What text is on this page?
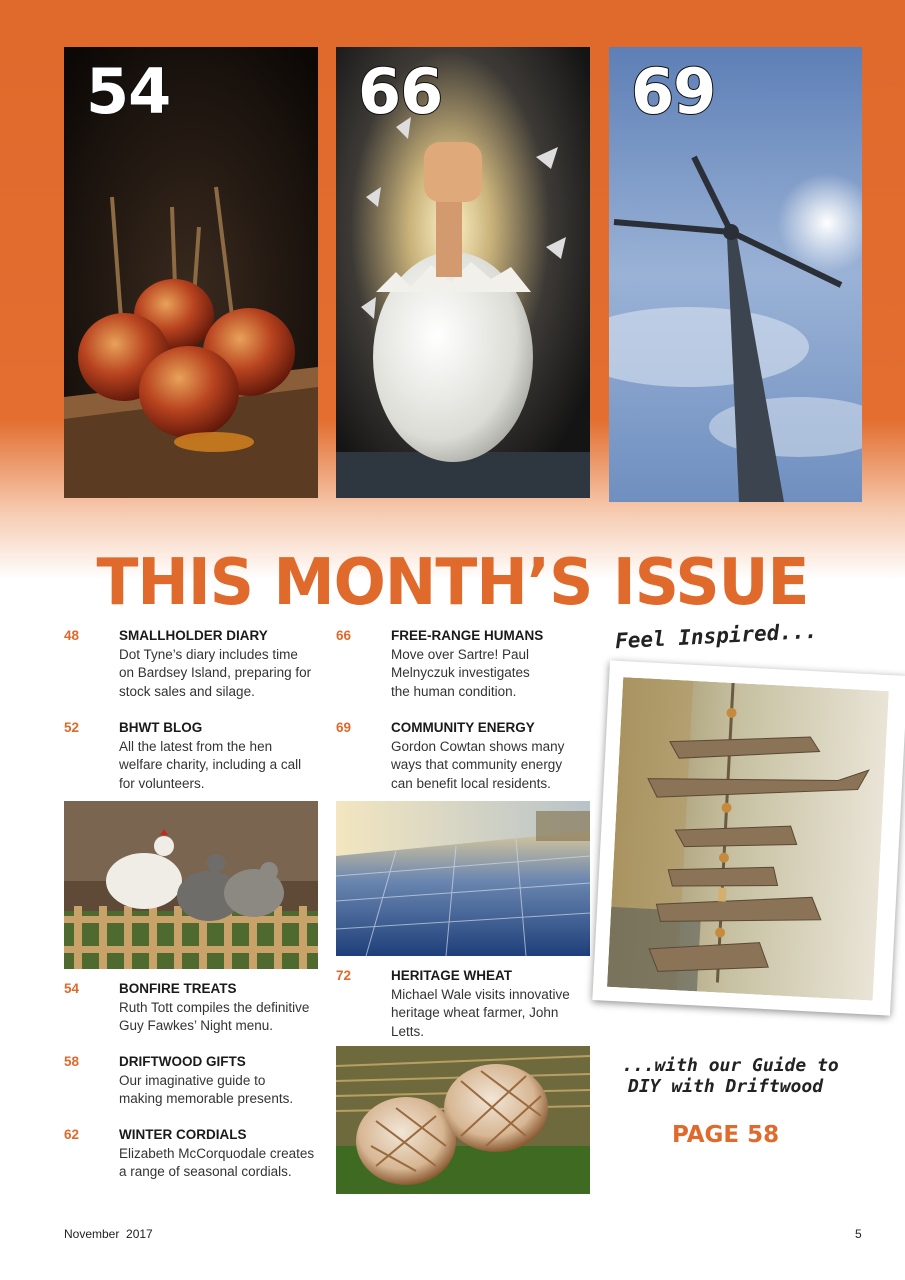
54	66	69
THIS MONTH’S ISSUE
48	SMALLHOLDER DIARY
Dot Tyne’s diary includes time
on Bardsey Island, preparing for
stock sales and silage.
52	BHWT BLOG
All the latest from the hen
welfare charity, including a call
for volunteers.
54	BONFIRE TREATS
Ruth Tott compiles the definitive
Guy Fawkes’ Night menu.
58	DRIFTWOOD GIFTS
Our imaginative guide to
making memorable presents.
62	WINTER CORDIALS
Elizabeth McCorquodale creates
a range of seasonal cordials.
66	FREE-RANGE HUMANS
Move over Sartre! Paul
Melnyczuk investigates
the human condition.
69	COMMUNITY ENERGY
Gordon Cowtan shows many
ways that community energy
can benefit local residents.
72	HERITAGE WHEAT
Michael Wale visits innovative
heritage wheat farmer, John
Letts.
Feel Inspired...
...with our Guide to
DIY with Driftwood
PAGE 58
November  2017	5
